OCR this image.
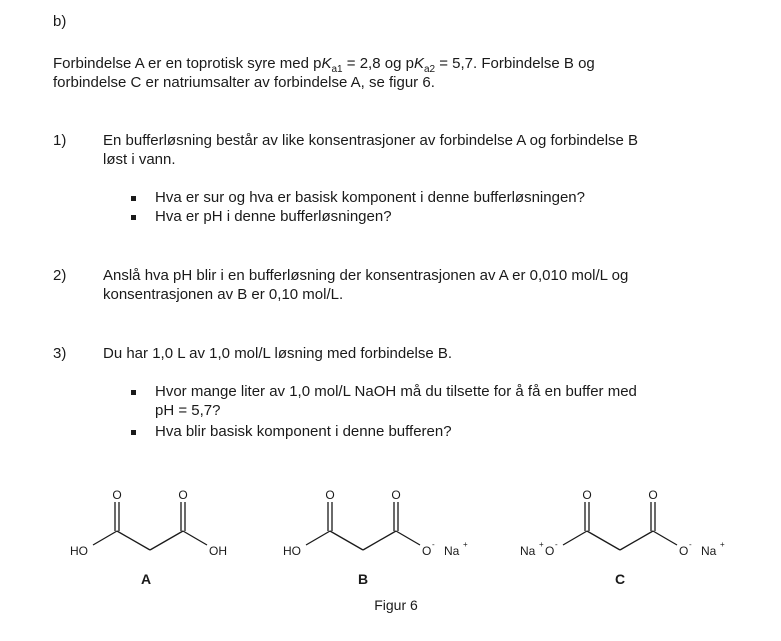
b)
Forbindelse A er en toprotisk syre med $pK_{a1} = 2,8$ og $pK_{a2} = 5,7$. Forbindelse B og
forbindelse C er natriumsalter av forbindelse A, se figur 6.
1) En bufferløsning består av like konsentrasjoner av forbindelse A og forbindelse B
løst i vann.
Hva er sur og hva er basisk komponent i denne bufferløsningen?
Hva er pH i denne bufferløsningen?
2) Anslå hva pH blir i en bufferløsning der konsentrasjonen av A er 0,010 mol/L og
konsentrasjonen av B er 0,10 mol/L.
3) Du har 1,0 L av 1,0 mol/L løsning med forbindelse B.
Hvor mange liter av 1,0 mol/L NaOH må du tilsette for å få en buffer med
pH = 5,7?
Hva blir basisk komponent i denne bufferen?
O	O
HO	OH
A
O	O
HO	O - Na +
B
O	O
Na + O -	O - Na +
C
Figur 6
